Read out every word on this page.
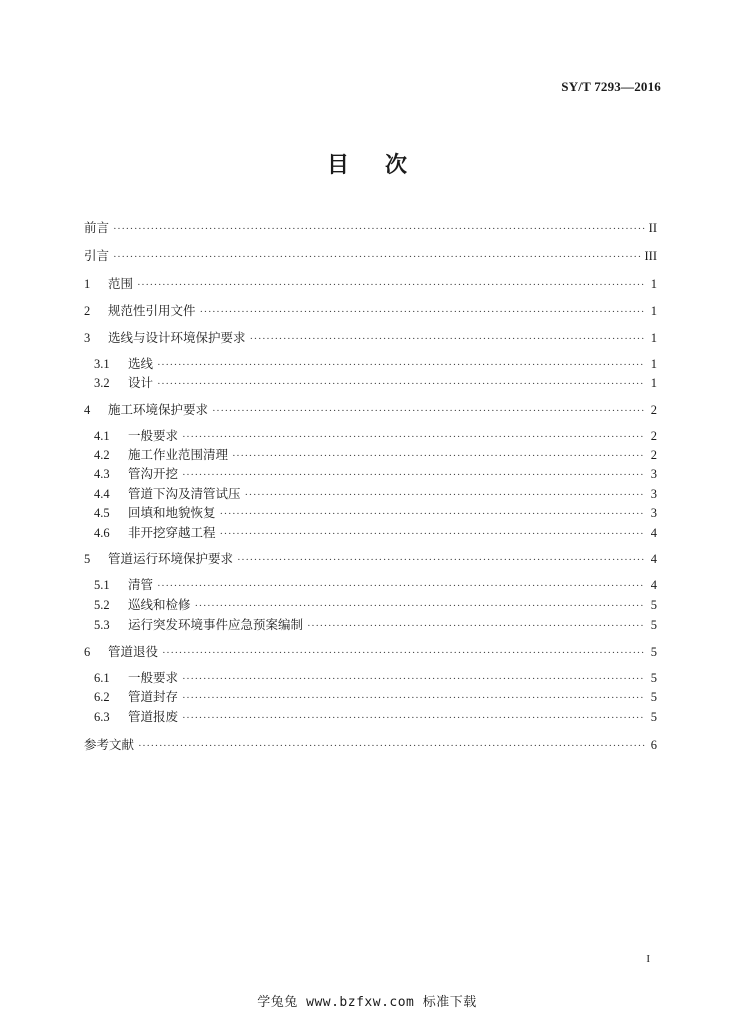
SY/T 7293—2016
目次
前言 ·····	II
引言 ·····	III
1	范围 ·····	1
2	规范性引用文件 ·····	1
3	选线与设计环境保护要求 ·····	1
3.1	选线 ·····	1
3.2	设计 ·····	1
4	施工环境保护要求 ·····	2
4.1	一般要求 ·····	2
4.2	施工作业范围清理 ·····	2
4.3	管沟开挖 ·····	3
4.4	管道下沟及清管试压 ·····	3
4.5	回填和地貌恢复 ·····	3
4.6	非开挖穿越工程 ·····	4
5	管道运行环境保护要求 ·····	4
5.1	清管 ·····	4
5.2	巡线和检修 ·····	5
5.3	运行突发环境事件应急预案编制 ·····	5
6	管道退役 ·····	5
6.1	一般要求 ·····	5
6.2	管道封存 ·····	5
6.3	管道报废 ·····	5
参考文献 ·····	6
I
学兔兔 www.bzfxw.com 标准下载
